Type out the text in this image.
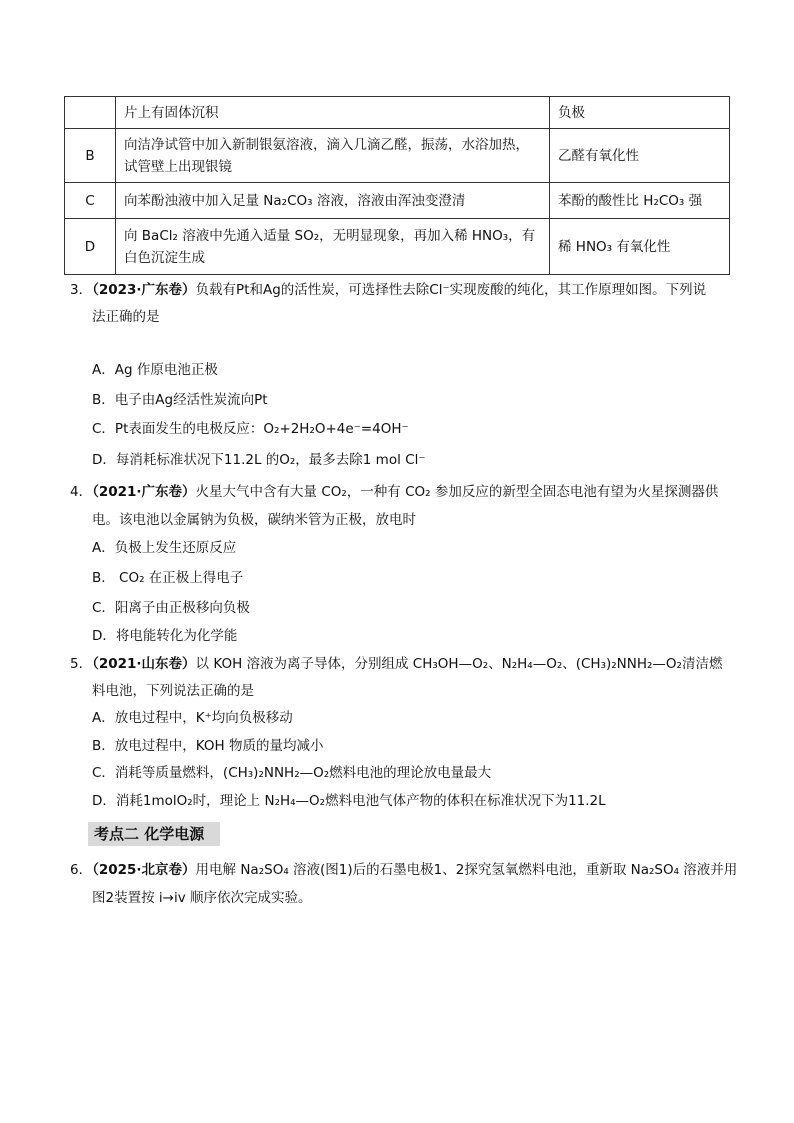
	片上有固体沉积	负极
B	向洁净试管中加入新制银氨溶液，滴入几滴乙醛，振荡，水浴加热，试管壁上出现银镜	乙醛有氧化性
C	向苯酚浊液中加入足量 Na₂CO₃ 溶液，溶液由浑浊变澄清	苯酚的酸性比 H₂CO₃ 强
D	向 BaCl₂ 溶液中先通入适量 SO₂，无明显现象，再加入稀 HNO₃，有白色沉淀生成	稀 HNO₃ 有氧化性
3．（2023·广东卷）负载有Pt和Ag的活性炭，可选择性去除Cl⁻实现废酸的纯化，其工作原理如图。下列说
法正确的是
A．Ag 作原电池正极
B．电子由Ag经活性炭流向Pt
C．Pt表面发生的电极反应：O₂+2H₂O+4e⁻=4OH⁻
D．每消耗标准状况下11.2L 的O₂，最多去除1 mol Cl⁻
4．（2021·广东卷）火星大气中含有大量 CO₂，一种有 CO₂ 参加反应的新型全固态电池有望为火星探测器供
电。该电池以金属钠为负极，碳纳米管为正极，放电时
A．负极上发生还原反应
B． CO₂ 在正极上得电子
C．阳离子由正极移向负极
D．将电能转化为化学能
5．（2021·山东卷）以 KOH 溶液为离子导体，分别组成 CH₃OH—O₂、N₂H₄—O₂、(CH₃)₂NNH₂—O₂清洁燃
料电池，下列说法正确的是
A．放电过程中，K⁺均向负极移动
B．放电过程中，KOH 物质的量均减小
C．消耗等质量燃料，(CH₃)₂NNH₂—O₂燃料电池的理论放电量最大
D．消耗1molO₂时，理论上 N₂H₄—O₂燃料电池气体产物的体积在标准状况下为11.2L
考点二 化学电源
6．（2025·北京卷）用电解 Na₂SO₄ 溶液(图1)后的石墨电极1、2探究氢氧燃料电池，重新取 Na₂SO₄ 溶液并用
图2装置按 i→iv 顺序依次完成实验。
